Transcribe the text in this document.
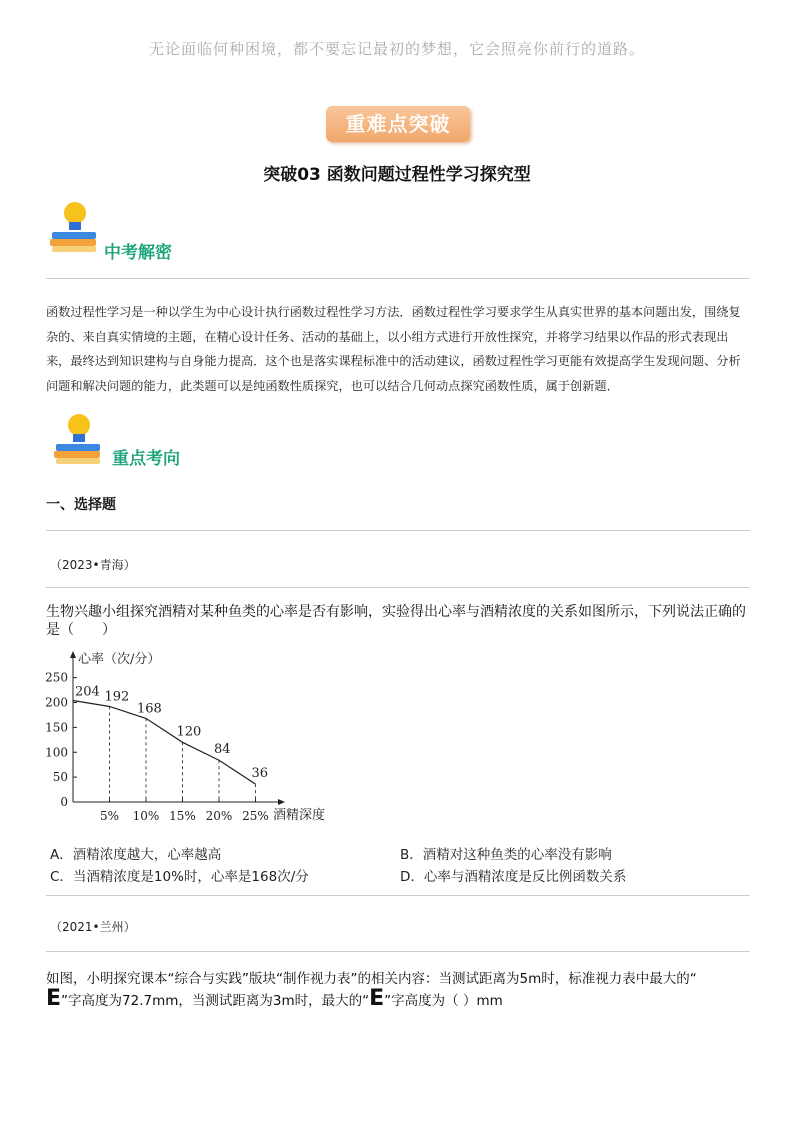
无论面临何种困境，都不要忘记最初的梦想，它会照亮你前行的道路。
重难点突破
突破03 函数问题过程性学习探究型
中考解密
函数过程性学习是一种以学生为中心设计执行函数过程性学习方法．函数过程性学习要求学生从真实世界的基本问题出发，围绕复杂的、来自真实情境的主题，在精心设计任务、活动的基础上，以小组方式进行开放性探究，并将学习结果以作品的形式表现出来，最终达到知识建构与自身能力提高．这个也是落实课程标准中的活动建议，函数过程性学习更能有效提高学生发现问题、分析问题和解决问题的能力，此类题可以是纯函数性质探究，也可以结合几何动点探究函数性质，属于创新题．
重点考向
一、选择题
（2023•青海）
生物兴趣小组探究酒精对某种鱼类的心率是否有影响，实验得出心率与酒精浓度的关系如图所示，下列说法正确的是（　　）
心率（次/分）
酒精深度
0
50
100
150
200
250
5% 10% 15% 20% 25%
204 192
168
120
84
36
A．酒精浓度越大，心率越高	B．酒精对这种鱼类的心率没有影响
C．当酒精浓度是10%时，心率是168次/分	D．心率与酒精浓度是反比例函数关系
（2021•兰州）
如图，小明探究课本“综合与实践”版块“制作视力表”的相关内容：当测试距离为5m时，标准视力表中最大的“
E”字高度为72.7mm，当测试距离为3m时，最大的“E”字高度为（ ）mm
